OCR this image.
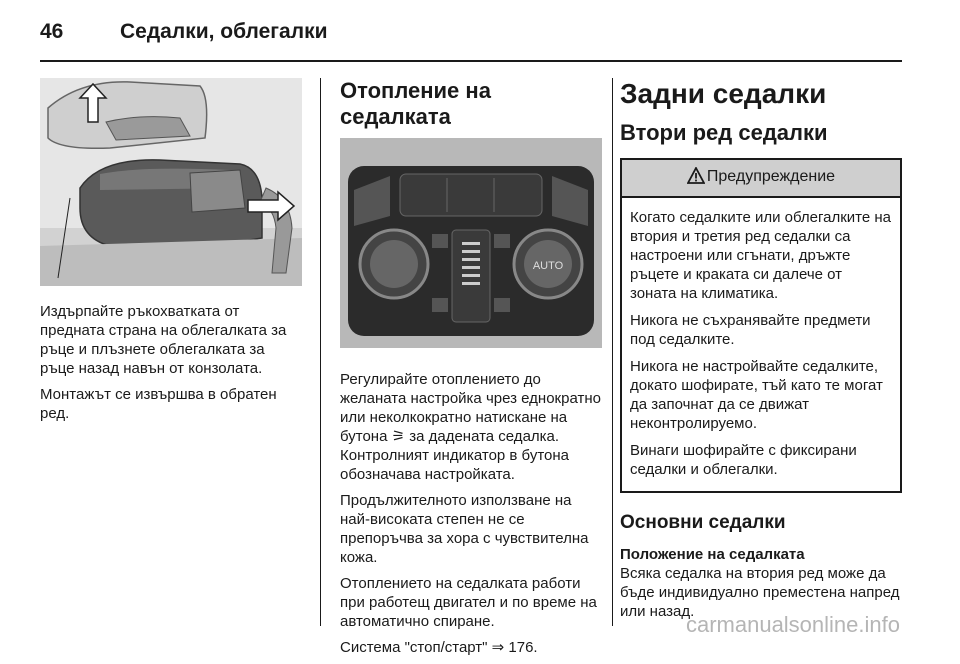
46	Седалки, облегалки

Издърпайте ръкохватката от предната страна на облегалката за ръце и плъзнете облегалката за ръце назад навън от конзолата.

Монтажът се извършва в обратен ред.

Отопление на седалката
AUTO

Регулирайте отоплението до желаната настройка чрез еднократно или неколкократно натискане на бутона ⚞ за дадената седалка. Контролният индикатор в бутона обозначава настройката.

Продължителното използване на най-високата степен не се препоръчва за хора с чувствителна кожа.

Отоплението на седалката работи при работещ двигател и по време на автоматично спиране.

Система "стоп/старт" ⇒ 176.

Задни седалки
Втори ред седалки
Предупреждение

Когато седалките или облегалките на втория и третия ред седалки са настроени или сгънати, дръжте ръцете и краката си далече от зоната на климатика.

Никога не съхранявайте предмети под седалките.

Никога не настройвайте седалките, докато шофирате, тъй като те могат да започнат да се движат неконтролируемо.

Винаги шофирайте с фиксирани седалки и облегалки.

Основни седалки
Положение на седалката

Всяка седалка на втория ред може да бъде индивидуално преместена напред или назад.

carmanualsonline.info
